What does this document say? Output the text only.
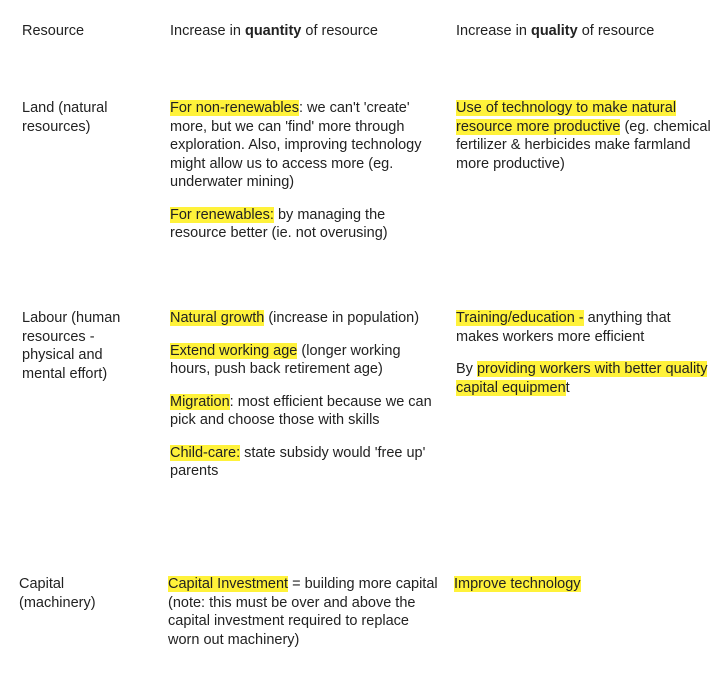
Resource	Increase in quantity of resource	Increase in quality of resource
Land (natural resources)

For non-renewables: we can't 'create' more, but we can 'find' more through exploration. Also, improving technology might allow us to access more (eg. underwater mining)

For renewables: by managing the resource better (ie. not overusing)

Use of technology to make natural resource more productive (eg. chemical fertilizer & herbicides make farmland more productive)

Labour (human resources - physical and mental effort)

Natural growth (increase in population)

Extend working age (longer working hours, push back retirement age)

Migration: most efficient because we can pick and choose those with skills

Child-care: state subsidy would 'free up' parents

Training/education - anything that makes workers more efficient

By providing workers with better quality capital equipment

Capital (machinery)

Capital Investment = building more capital (note: this must be over and above the capital investment required to replace worn out machinery)

Improve technology
